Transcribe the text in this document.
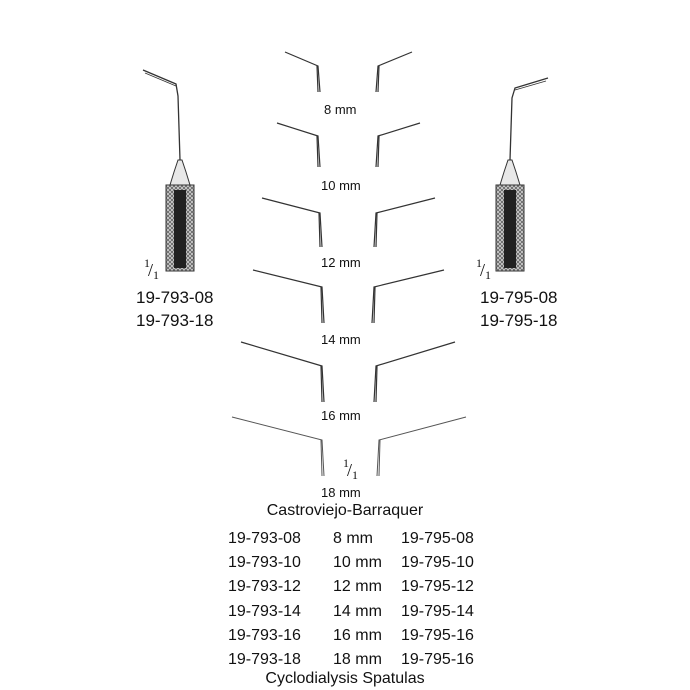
1
/ 1
1
/ 1
1
/ 1
19-793-08
19-793-18
19-795-08
19-795-18
8 mm
10 mm
12 mm
14 mm
16 mm
18 mm
Castroviejo-Barraquer
19-793-08	8 mm	19-795-08
19-793-10	10 mm	19-795-10
19-793-12	12 mm	19-795-12
19-793-14	14 mm	19-795-14
19-793-16	16 mm	19-795-16
19-793-18	18 mm	19-795-16
Cyclodialysis Spatulas
